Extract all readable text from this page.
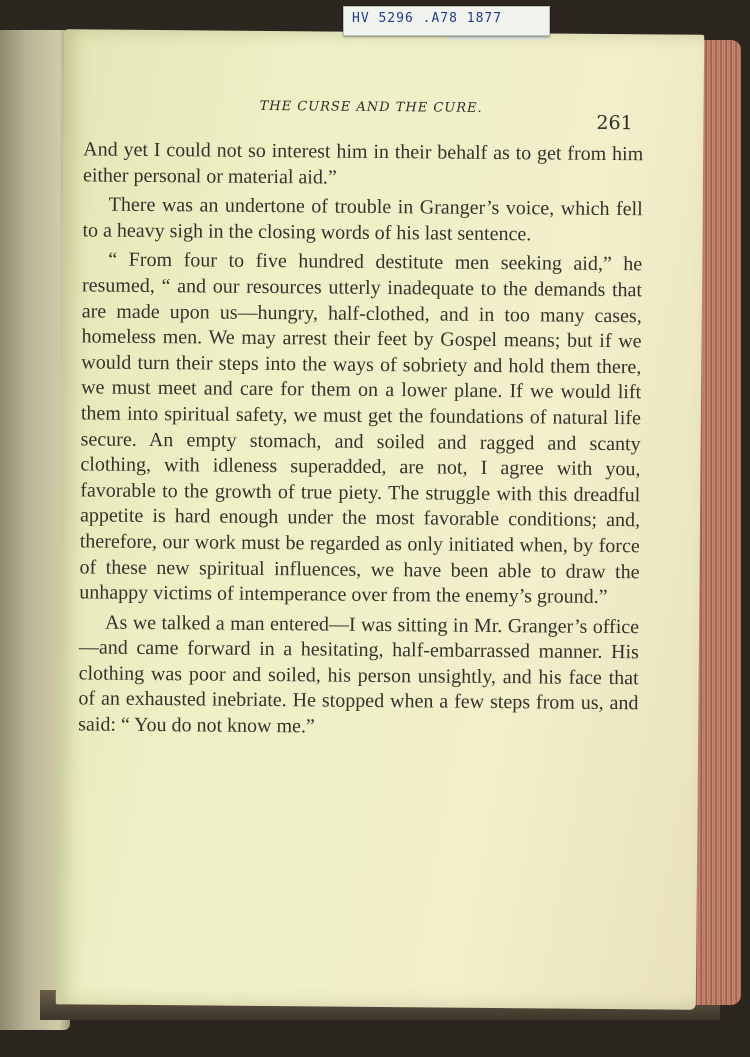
THE CURSE AND THE CURE.
261

And yet I could not so interest him in their behalf as to get from him either personal or material aid.”

There was an undertone of trouble in Granger’s voice, which fell to a heavy sigh in the closing words of his last sentence.

“ From four to five hundred destitute men seeking aid,” he resumed, “ and our resources utterly inadequate to the demands that are made upon us—hungry, half-clothed, and in too many cases, homeless men. We may arrest their feet by Gospel means; but if we would turn their steps into the ways of sobriety and hold them there, we must meet and care for them on a lower plane. If we would lift them into spiritual safety, we must get the foundations of natural life secure. An empty stomach, and soiled and ragged and scanty clothing, with idleness superadded, are not, I agree with you, favorable to the growth of true piety. The struggle with this dreadful appetite is hard enough under the most favorable conditions; and, therefore, our work must be regarded as only initiated when, by force of these new spiritual influences, we have been able to draw the unhappy victims of intemperance over from the enemy’s ground.”

As we talked a man entered—I was sitting in Mr. Granger’s office—and came forward in a hesitating, half-embarrassed manner. His clothing was poor and soiled, his person unsightly, and his face that of an exhausted inebriate. He stopped when a few steps from us, and said: “ You do not know me.”

HV 5296 .A78 1877
